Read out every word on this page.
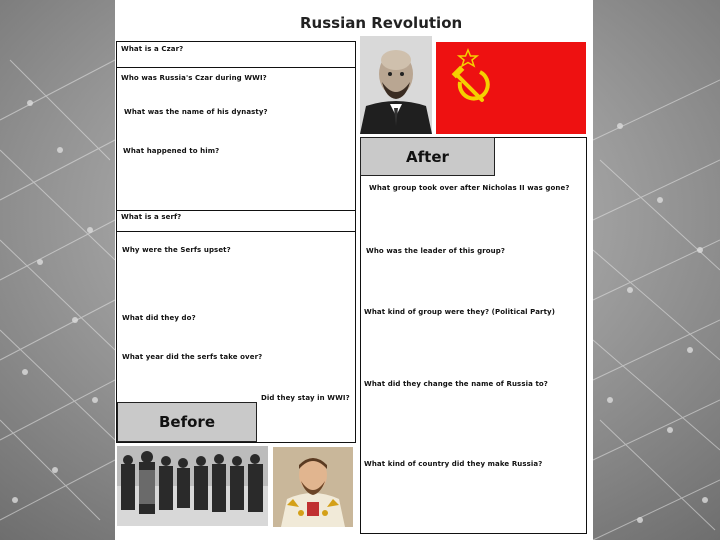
Russian Revolution
What is a Czar?
Who was Russia's Czar during WWI?
What was the name of his dynasty?
What happened to him?
What is a serf?
Why were the Serfs upset?
What did they do?
What year did the serfs take over?
Did they stay in WWI?
Before
After
What group took over after Nicholas II was gone?
Who was the leader of this group?
What kind of group were they? (Political Party)
What did they change the name of Russia to?
What kind of country did they make Russia?
